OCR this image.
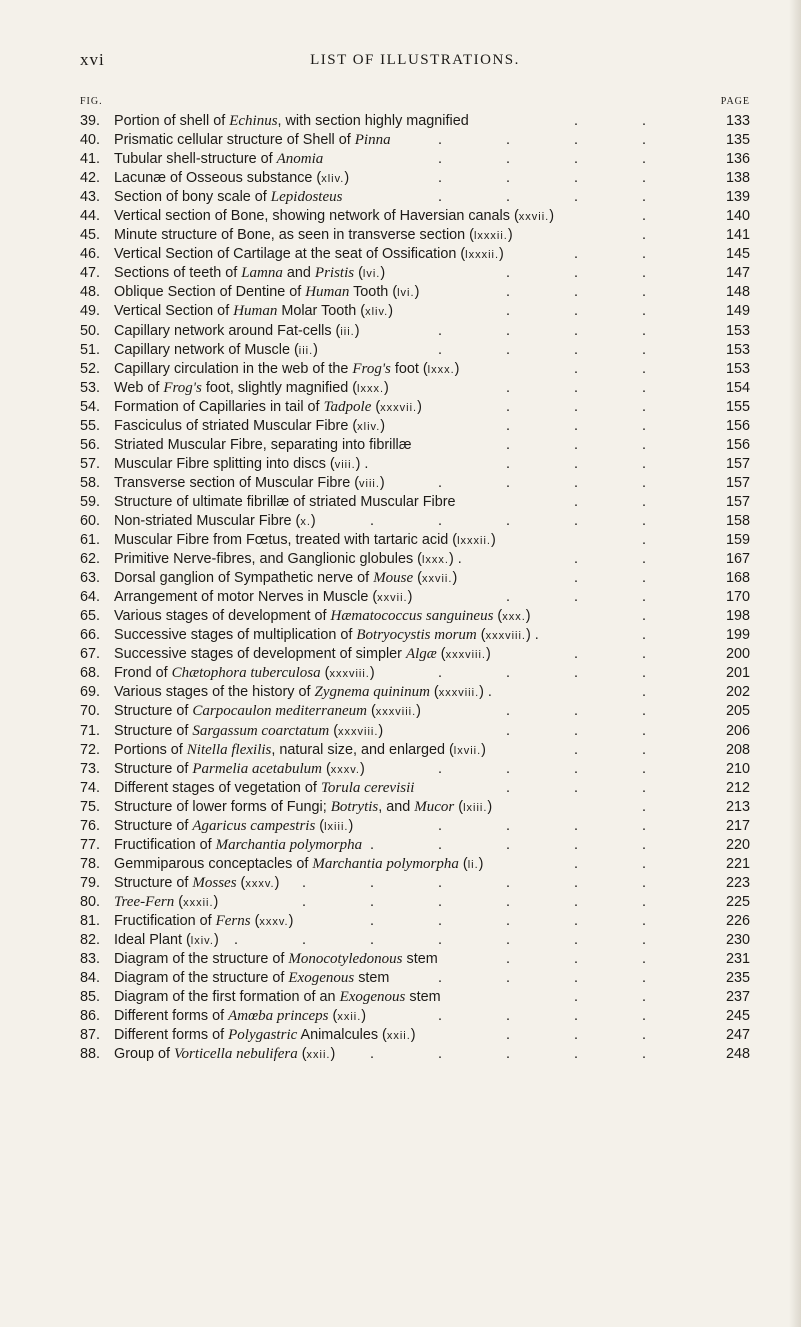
xvi	LIST OF ILLUSTRATIONS.
FIG.	PAGE
39. Portion of shell of Echinus, with section highly magnified	. .	133
40. Prismatic cellular structure of Shell of Pinna	. . . .	135
41. Tubular shell-structure of Anomia	. . . .	136
42. Lacunæ of Osseous substance (xliv.)	. . . .	138
43. Section of bony scale of Lepidosteus	. . . .	139
44. Vertical section of Bone, showing network of Haversian canals (xxvii.)	.	140
45. Minute structure of Bone, as seen in transverse section (lxxxii.)	.	141
46. Vertical Section of Cartilage at the seat of Ossification (lxxxii.)	. .	145
47. Sections of teeth of Lamna and Pristis (lvi.)	. . .	147
48. Oblique Section of Dentine of Human Tooth (lvi.)	. . .	148
49. Vertical Section of Human Molar Tooth (xliv.)	. . .	149
50. Capillary network around Fat-cells (iii.)	. . . .	153
51. Capillary network of Muscle (iii.)	. . . .	153
52. Capillary circulation in the web of the Frog's foot (lxxx.)	. .	153
53. Web of Frog's foot, slightly magnified (lxxx.)	. . .	154
54. Formation of Capillaries in tail of Tadpole (xxxvii.)	. . .	155
55. Fasciculus of striated Muscular Fibre (xliv.)	. . .	156
56. Striated Muscular Fibre, separating into fibrillæ	. . .	156
57. Muscular Fibre splitting into discs (viii.) .	. . .	157
58. Transverse section of Muscular Fibre (viii.)	. . . .	157
59. Structure of ultimate fibrillæ of striated Muscular Fibre	. .	157
60. Non-striated Muscular Fibre (x.)	. . . . .	158
61. Muscular Fibre from Fœtus, treated with tartaric acid (lxxxii.)	.	159
62. Primitive Nerve-fibres, and Ganglionic globules (lxxx.) .	. .	167
63. Dorsal ganglion of Sympathetic nerve of Mouse (xxvii.)	. .	168
64. Arrangement of motor Nerves in Muscle (xxvii.)	. . .	170
65. Various stages of development of Hæmatococcus sanguineus (xxx.)	.	198
66. Successive stages of multiplication of Botryocystis morum (xxxviii.) .	.	199
67. Successive stages of development of simpler Algæ (xxxviii.)	. .	200
68. Frond of Chætophora tuberculosa (xxxviii.)	. . . .	201
69. Various stages of the history of Zygnema quininum (xxxviii.) .	.	202
70. Structure of Carpocaulon mediterraneum (xxxviii.)	. . .	205
71. Structure of Sargassum coarctatum (xxxviii.)	. . .	206
72. Portions of Nitella flexilis, natural size, and enlarged (lxvii.)	. .	208
73. Structure of Parmelia acetabulum (xxxv.)	. . . .	210
74. Different stages of vegetation of Torula cerevisii	. . .	212
75. Structure of lower forms of Fungi; Botrytis, and Mucor (lxiii.)	.	213
76. Structure of Agaricus campestris (lxiii.)	. . . .	217
77. Fructification of Marchantia polymorpha . . . . .	220
78. Gemmiparous conceptacles of Marchantia polymorpha (li.)	. .	221
79. Structure of Mosses (xxxv.) . . . . . .	223
80. Tree-Fern (xxxii.)	. . . . . .	225
81. Fructification of Ferns (xxxv.)	. . . . .	226
82. Ideal Plant (lxiv.) . . . . . . .	230
83. Diagram of the structure of Monocotyledonous stem	. . .	231
84. Diagram of the structure of Exogenous stem	. . . .	235
85. Diagram of the first formation of an Exogenous stem	. .	237
86. Different forms of Amœba princeps (xxii.)	. . . .	245
87. Different forms of Polygastric Animalcules (xxii.)	. . .	247
88. Group of Vorticella nebulifera (xxii.) . . . . .	248
